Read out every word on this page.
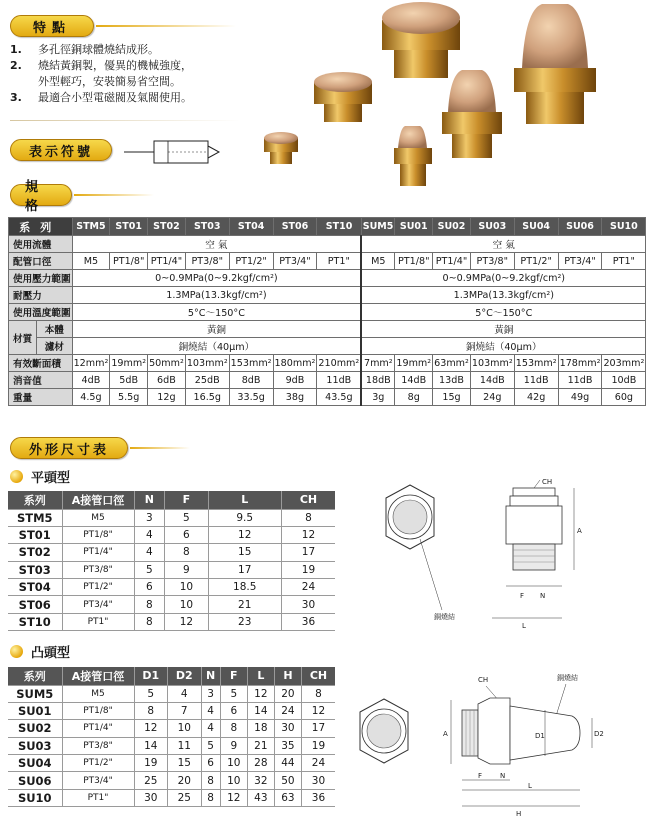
特點
1.	多孔徑銅球體燒結成形。
2.	燒結黃銅製，優異的機械強度，
外型輕巧，安裝簡易省空間。
3.	最適合小型電磁閥及氣閥使用。
表示符號
規格
系列		STM5	ST01	ST02	ST03	ST04	ST06	ST10	SUM5	SU01	SU02	SU03	SU04	SU06	SU10
使用流體		空 氣							空 氣						
配管口徑		M5	PT1/8"	PT1/4"	PT3/8"	PT1/2"	PT3/4"	PT1"	M5	PT1/8"	PT1/4"	PT3/8"	PT1/2"	PT3/4"	PT1"
使用壓力範圍		0~0.9MPa(0~9.2kgf/cm²)							0~0.9MPa(0~9.2kgf/cm²)						
耐壓力		1.3MPa(13.3kgf/cm²)							1.3MPa(13.3kgf/cm²)						
使用溫度範圍		5°C～150°C							5°C～150°C						
材質	本體	黃銅							黃銅						
	濾材	銅燒結（40μm）							銅燒結（40μm）						
有效斷面積		12mm²	19mm²	50mm²	103mm²	153mm²	180mm²	210mm²	7mm²	19mm²	63mm²	103mm²	153mm²	178mm²	203mm²
消音值		4dB	5dB	6dB	25dB	8dB	9dB	11dB	18dB	14dB	13dB	14dB	11dB	11dB	10dB
重量		4.5g	5.5g	12g	16.5g	33.5g	38g	43.5g	3g	8g	15g	24g	42g	49g	60g
外形尺寸表
平頭型
系列	A接管口徑	N	F	L	CH
STM5	M5	3	5	9.5	8
ST01	PT1/8"	4	6	12	12
ST02	PT1/4"	4	8	15	17
ST03	PT3/8"	5	9	17	19
ST04	PT1/2"	6	10	18.5	24
ST06	PT3/4"	8	10	21	30
ST10	PT1"	8	12	23	36	銅燒結
CH
A
F N
L
凸頭型
系列	A接管口徑	D1	D2	N	F	L	H	CH
SUM5	M5	5	4	3	5	12	20	8
SU01	PT1/8"	8	7	4	6	14	24	12
SU02	PT1/4"	12	10	4	8	18	30	17
SU03	PT3/8"	14	11	5	9	21	35	19
SU04	PT1/2"	19	15	6	10	28	44	24
SU06	PT3/4"	25	20	8	10	32	50	30
SU10	PT1"	30	25	8	12	43	63	36
CH	銅燒結
A	D1	D2
F	N
L
H
